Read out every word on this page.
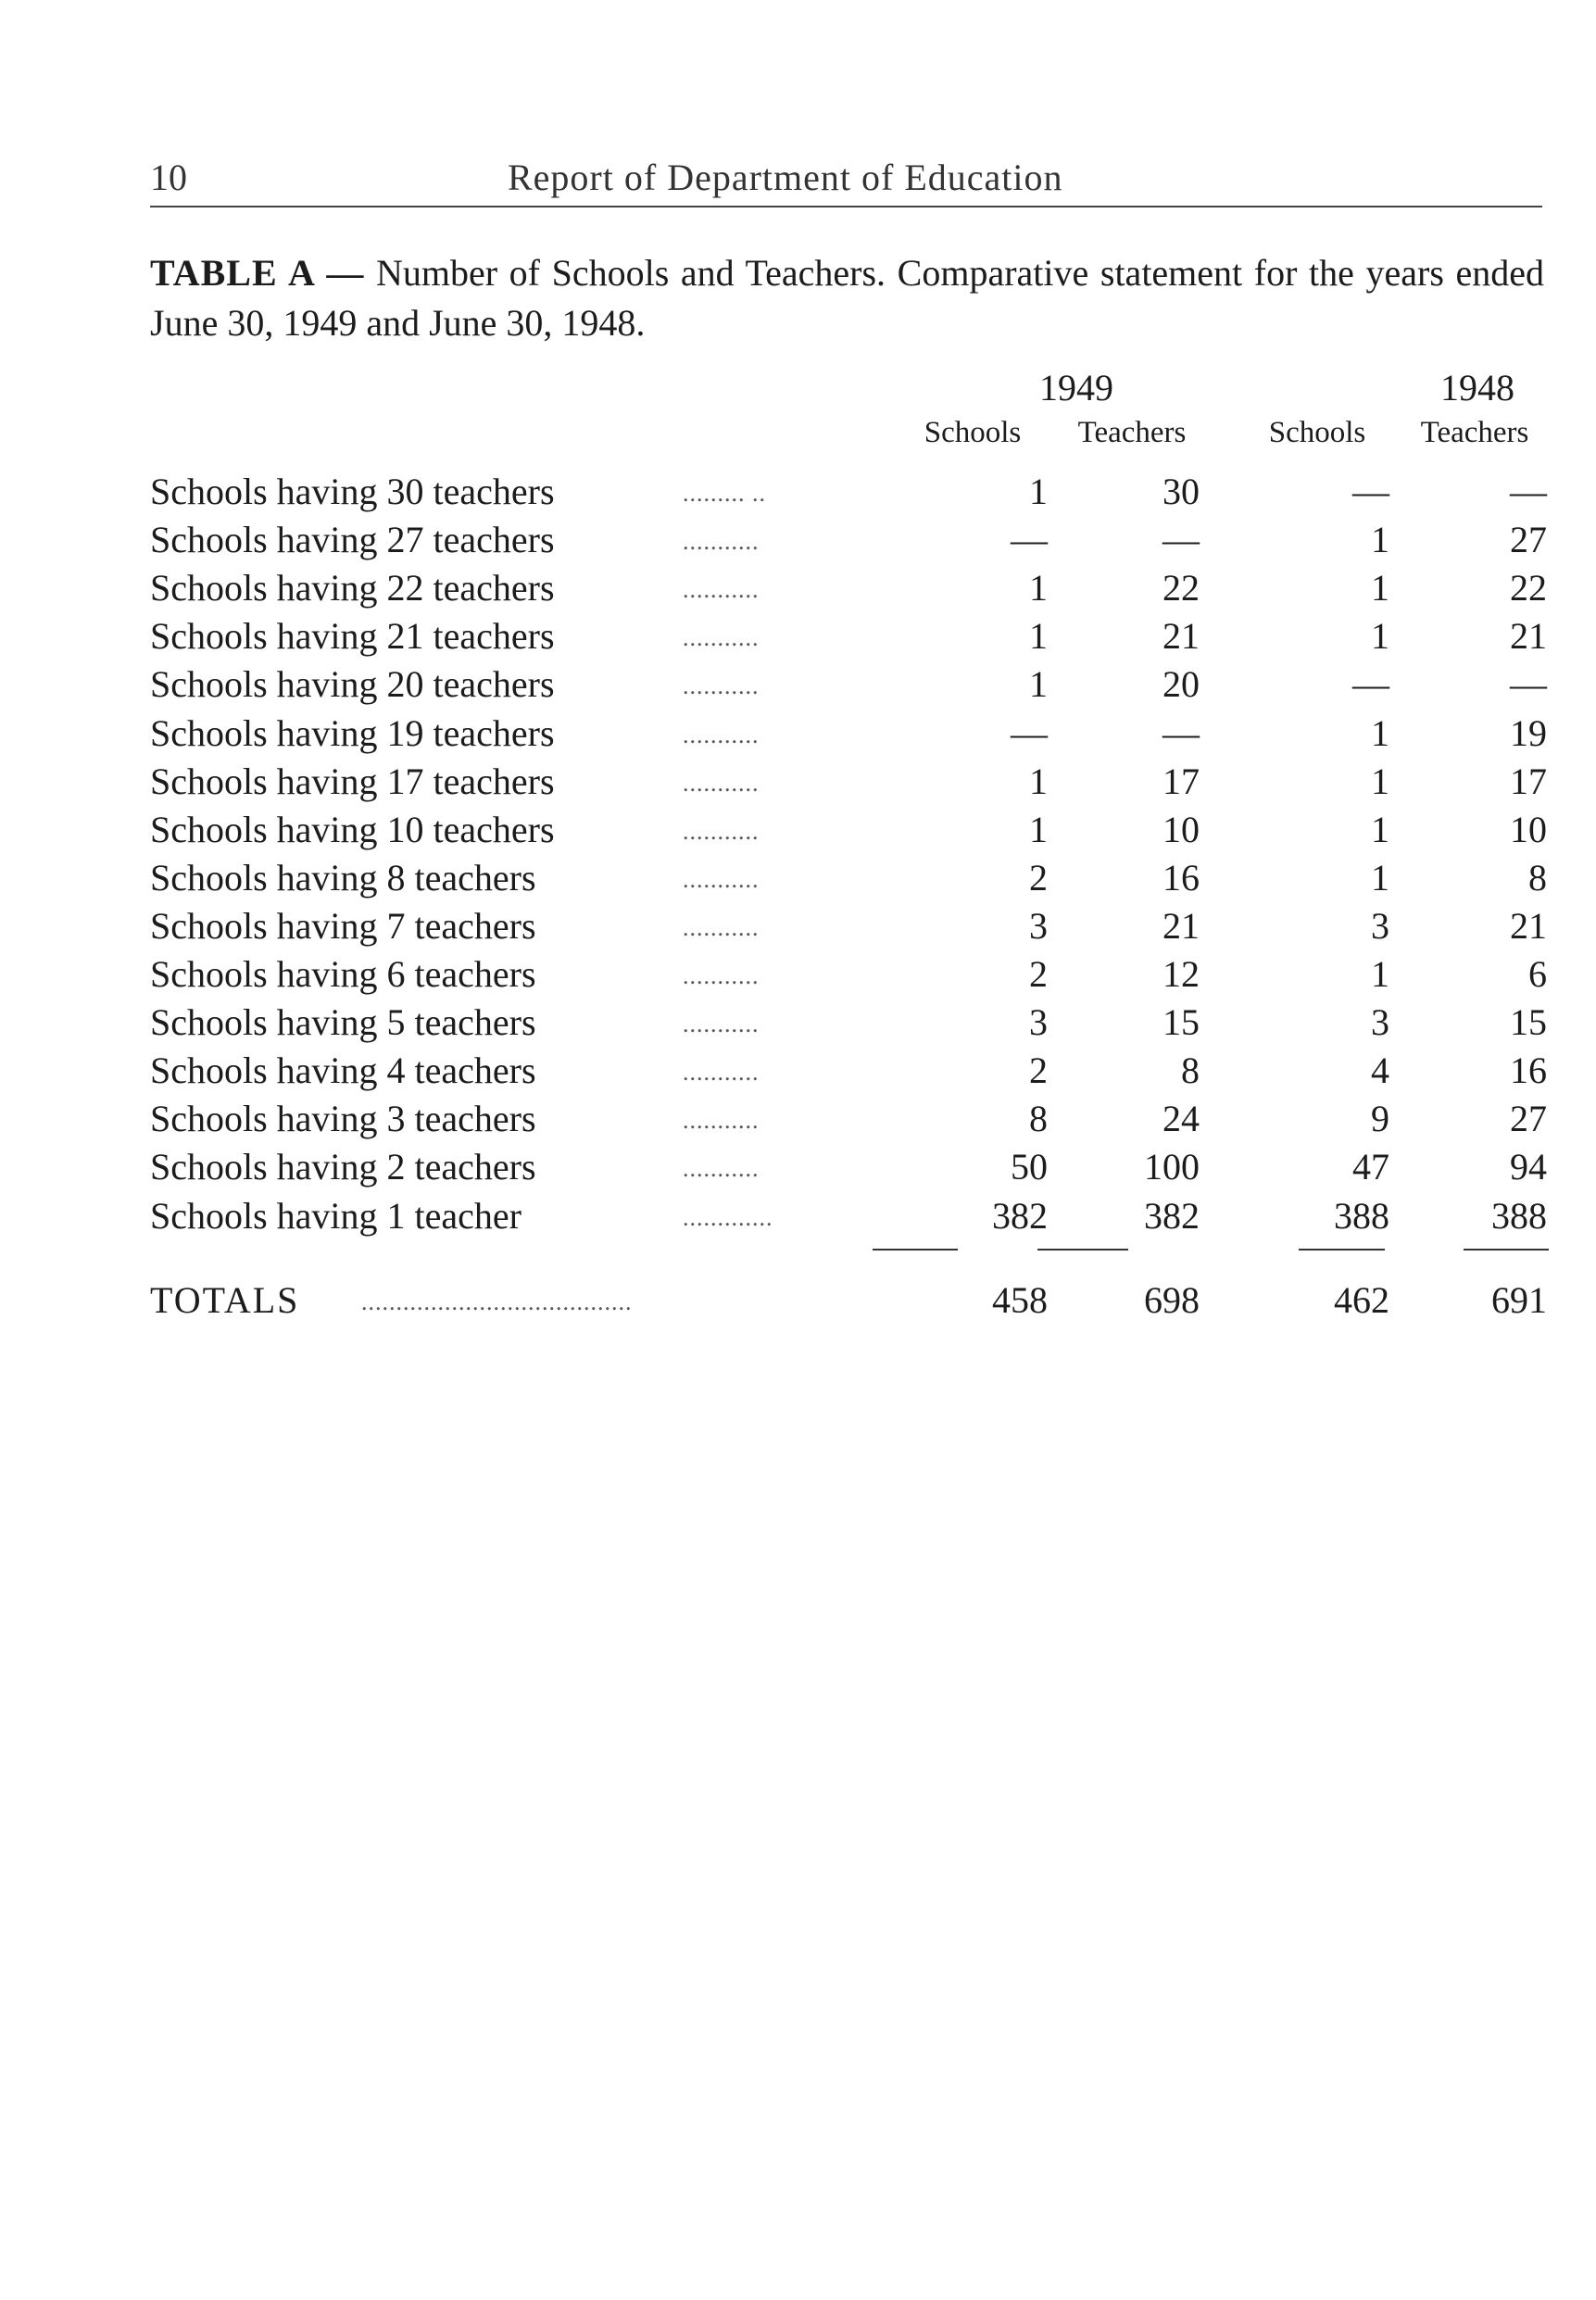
10	Report of Department of Education
TABLE A — Number of Schools and Teachers. Comparative statement for the years ended June 30, 1949 and June 30, 1948.
1949	1948
Schools	Teachers	Schools	Teachers
Schools having 30 teachers	......... ..	1	30	—	—
Schools having 27 teachers	...........	—	—	1	27
Schools having 22 teachers	...........	1	22	1	22
Schools having 21 teachers	...........	1	21	1	21
Schools having 20 teachers	...........	1	20	—	—
Schools having 19 teachers	...........	—	—	1	19
Schools having 17 teachers	...........	1	17	1	17
Schools having 10 teachers	...........	1	10	1	10
Schools having 8 teachers	...........	2	16	1	8
Schools having 7 teachers	...........	3	21	3	21
Schools having 6 teachers	...........	2	12	1	6
Schools having 5 teachers	...........	3	15	3	15
Schools having 4 teachers	...........	2	8	4	16
Schools having 3 teachers	...........	8	24	9	27
Schools having 2 teachers	...........	50	100	47	94
Schools having 1 teacher	.............	382	382	388	388
TOTALS	.......................................	458	698	462	691
